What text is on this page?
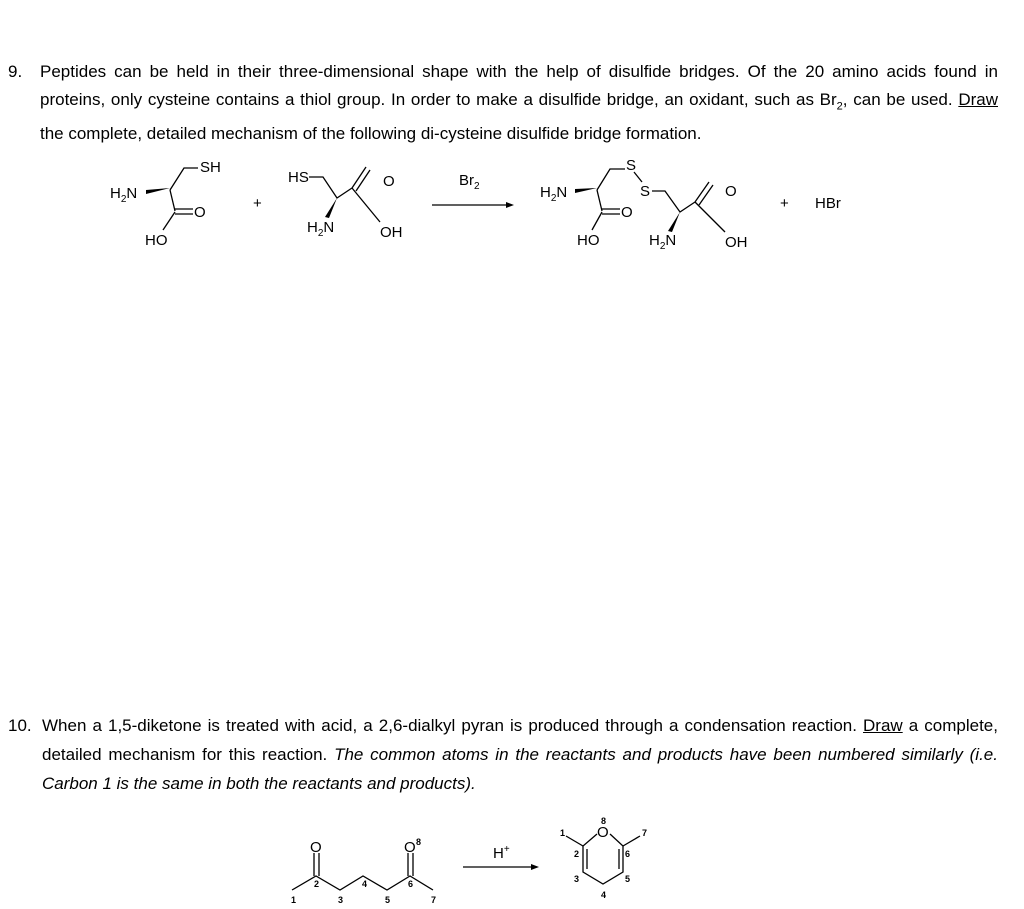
9. Peptides can be held in their three-dimensional shape with the help of disulfide bridges. Of the 20 amino acids found in proteins, only cysteine contains a thiol group. In order to make a disulfide bridge, an oxidant, such as $Br_2$, can be used. Draw the complete, detailed mechanism of the following di-cysteine disulfide bridge formation.
$H_2N$
SH
O
HO
+
HS
$H_2N$
O
OH
$Br_2$	$H_2N$
S
S
$H_2N$
O
OH
O
HO
+ HBr
O	O 8
1
2
3
4
5
6
7
H+
O
8
1
2
3
4
5
6
7
10. When a 1,5-diketone is treated with acid, a 2,6-dialkyl pyran is produced through a condensation reaction. Draw a complete, detailed mechanism for this reaction. The common atoms in the reactants and products have been numbered similarly (i.e. Carbon 1 is the same in both the reactants and products).
